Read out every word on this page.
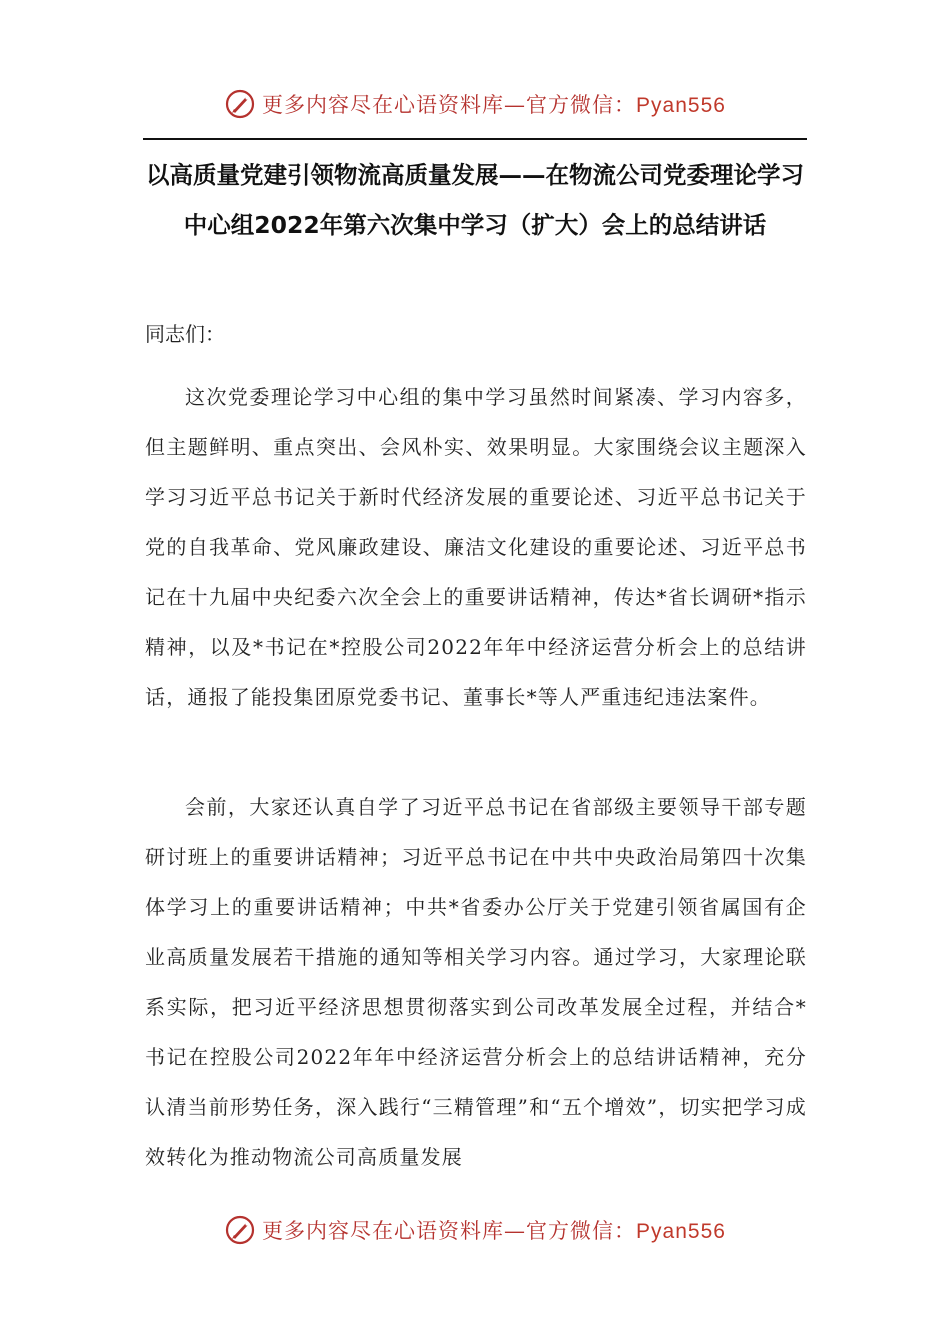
更多内容尽在心语资料库—官方微信：Pyan556
以高质量党建引领物流高质量发展——在物流公司党委理论学习中心组2022年第六次集中学习（扩大）会上的总结讲话

同志们：

这次党委理论学习中心组的集中学习虽然时间紧凑、学习内容多，但主题鲜明、重点突出、会风朴实、效果明显。大家围绕会议主题深入学习习近平总书记关于新时代经济发展的重要论述、习近平总书记关于党的自我革命、党风廉政建设、廉洁文化建设的重要论述、习近平总书记在十九届中央纪委六次全会上的重要讲话精神，传达*省长调研*指示精神，以及*书记在*控股公司2022年年中经济运营分析会上的总结讲话，通报了能投集团原党委书记、董事长*等人严重违纪违法案件。

会前，大家还认真自学了习近平总书记在省部级主要领导干部专题研讨班上的重要讲话精神；习近平总书记在中共中央政治局第四十次集体学习上的重要讲话精神；中共*省委办公厅关于党建引领省属国有企业高质量发展若干措施的通知等相关学习内容。通过学习，大家理论联系实际，把习近平经济思想贯彻落实到公司改革发展全过程，并结合*书记在控股公司2022年年中经济运营分析会上的总结讲话精神，充分认清当前形势任务，深入践行“三精管理”和“五个增效”，切实把学习成效转化为推动物流公司高质量发展

更多内容尽在心语资料库—官方微信：Pyan556
